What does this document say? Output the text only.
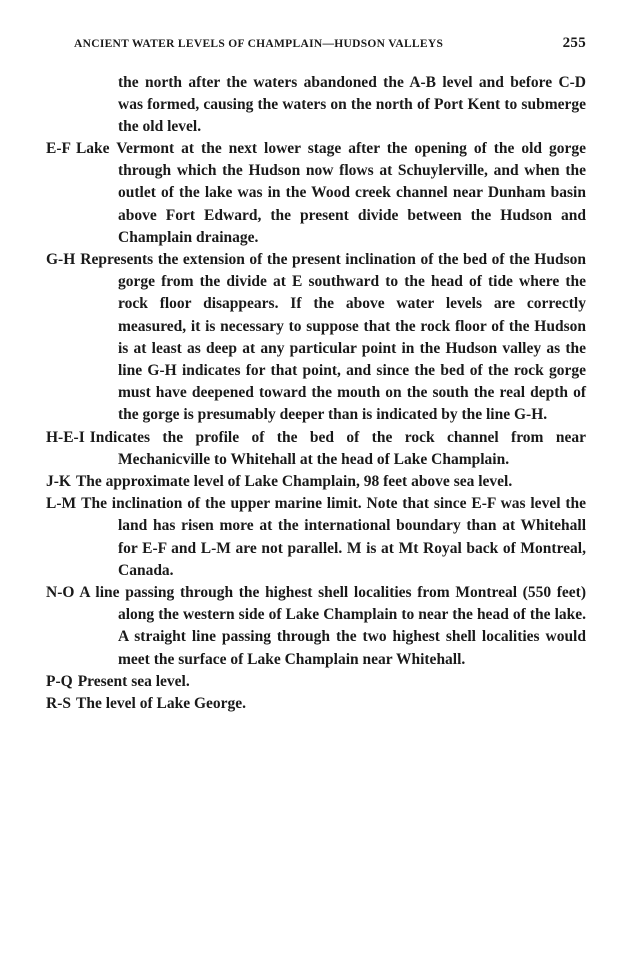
ANCIENT WATER LEVELS OF CHAMPLAIN—HUDSON VALLEYS	255

the north after the waters abandoned the A-B level and before C-D was formed, causing the waters on the north of Port Kent to submerge the old level.

E-F Lake Vermont at the next lower stage after the opening of the old gorge through which the Hudson now flows at Schuylerville, and when the outlet of the lake was in the Wood creek channel near Dunham basin above Fort Edward, the present divide between the Hudson and Champlain drainage.

G-H Represents the extension of the present inclination of the bed of the Hudson gorge from the divide at E southward to the head of tide where the rock floor disappears. If the above water levels are correctly measured, it is necessary to suppose that the rock floor of the Hudson is at least as deep at any particular point in the Hudson valley as the line G-H indicates for that point, and since the bed of the rock gorge must have deepened toward the mouth on the south the real depth of the gorge is presumably deeper than is indicated by the line G-H.

H-E-I Indicates the profile of the bed of the rock channel from near Mechanicville to Whitehall at the head of Lake Champlain.

J-K The approximate level of Lake Champlain, 98 feet above sea level.

L-M The inclination of the upper marine limit. Note that since E-F was level the land has risen more at the international boundary than at Whitehall for E-F and L-M are not parallel. M is at Mt Royal back of Montreal, Canada.

N-O A line passing through the highest shell localities from Montreal (550 feet) along the western side of Lake Champlain to near the head of the lake. A straight line passing through the two highest shell localities would meet the surface of Lake Champlain near Whitehall.

P-Q Present sea level.

R-S The level of Lake George.
